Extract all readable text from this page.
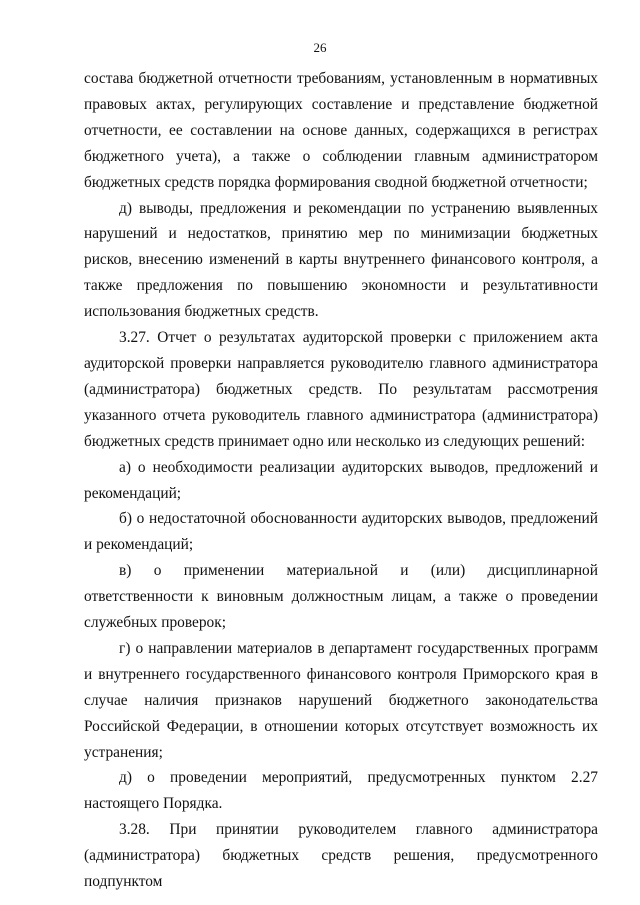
26

состава бюджетной отчетности требованиям, установленным в нормативных правовых актах, регулирующих составление и представление бюджетной отчетности, ее составлении на основе данных, содержащихся в регистрах бюджетного учета), а также о соблюдении главным администратором бюджетных средств порядка формирования сводной бюджетной отчетности;

д) выводы, предложения и рекомендации по устранению выявленных нарушений и недостатков, принятию мер по минимизации бюджетных рисков, внесению изменений в карты внутреннего финансового контроля, а также предложения по повышению экономности и результативности использования бюджетных средств.

3.27. Отчет о результатах аудиторской проверки с приложением акта аудиторской проверки направляется руководителю главного администратора (администратора) бюджетных средств. По результатам рассмотрения указанного отчета руководитель главного администратора (администратора) бюджетных средств принимает одно или несколько из следующих решений:

а) о необходимости реализации аудиторских выводов, предложений и рекомендаций;

б) о недостаточной обоснованности аудиторских выводов, предложений и рекомендаций;

в) о применении материальной и (или) дисциплинарной ответственности к виновным должностным лицам, а также о проведении служебных проверок;

г) о направлении материалов в департамент государственных программ и внутреннего государственного финансового контроля Приморского края в случае наличия признаков нарушений бюджетного законодательства Российской Федерации, в отношении которых отсутствует возможность их устранения;

д) о проведении мероприятий, предусмотренных пунктом 2.27 настоящего Порядка.

3.28. При принятии руководителем главного администратора (администратора) бюджетных средств решения, предусмотренного подпунктом
